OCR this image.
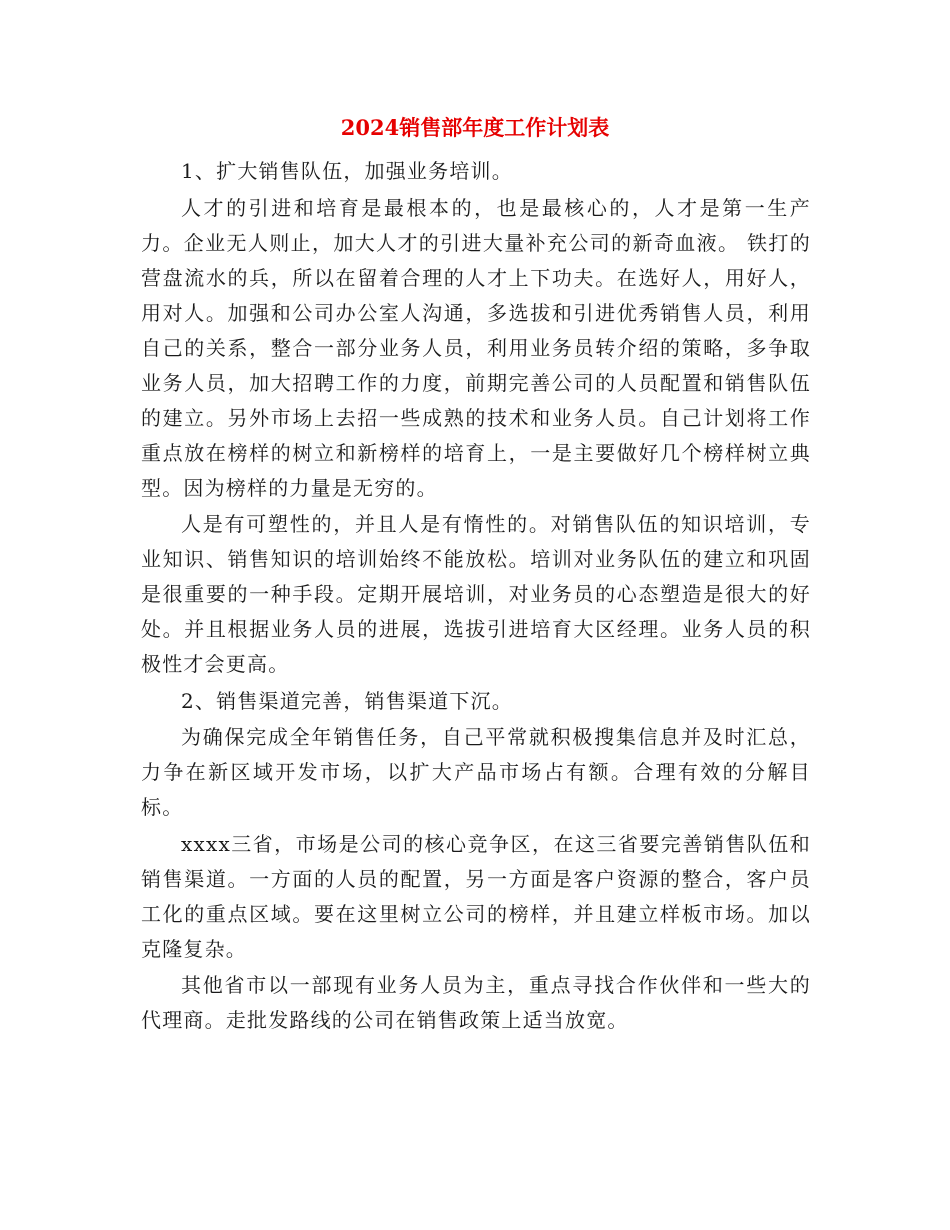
2024销售部年度工作计划表

1、扩大销售队伍，加强业务培训。

人才的引进和培育是最根本的，也是最核心的，人才是第一生产力。企业无人则止，加大人才的引进大量补充公司的新奇血液。 铁打的营盘流水的兵，所以在留着合理的人才上下功夫。在选好人，用好人，用对人。加强和公司办公室人沟通，多选拔和引进优秀销售人员，利用自己的关系，整合一部分业务人员，利用业务员转介绍的策略，多争取业务人员，加大招聘工作的力度，前期完善公司的人员配置和销售队伍的建立。另外市场上去招一些成熟的技术和业务人员。自己计划将工作重点放在榜样的树立和新榜样的培育上，一是主要做好几个榜样树立典型。因为榜样的力量是无穷的。

人是有可塑性的，并且人是有惰性的。对销售队伍的知识培训，专业知识、销售知识的培训始终不能放松。培训对业务队伍的建立和巩固是很重要的一种手段。定期开展培训，对业务员的心态塑造是很大的好处。并且根据业务人员的进展，选拔引进培育大区经理。业务人员的积极性才会更高。

2、销售渠道完善，销售渠道下沉。

为确保完成全年销售任务，自己平常就积极搜集信息并及时汇总，力争在新区域开发市场，以扩大产品市场占有额。合理有效的分解目标。

xxxx三省，市场是公司的核心竞争区，在这三省要完善销售队伍和销售渠道。一方面的人员的配置，另一方面是客户资源的整合，客户员工化的重点区域。要在这里树立公司的榜样，并且建立样板市场。加以克隆复杂。

其他省市以一部现有业务人员为主，重点寻找合作伙伴和一些大的代理商。走批发路线的公司在销售政策上适当放宽。
